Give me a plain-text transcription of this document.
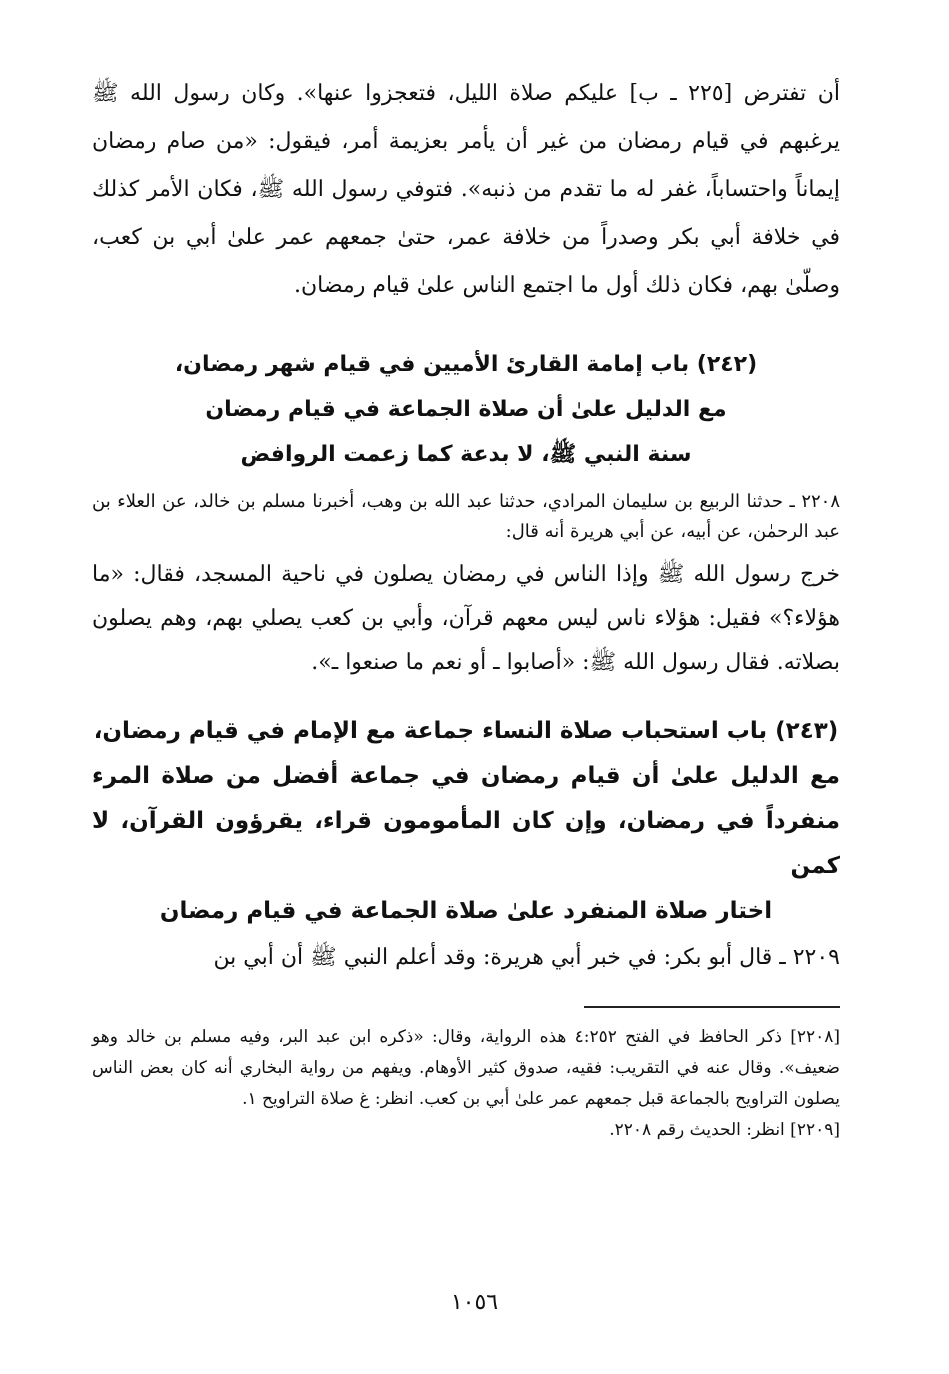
أن تفترض [٢٢٥ ـ ب] عليكم صلاة الليل، فتعجزوا عنها». وكان رسول الله ﷺ يرغبهم في قيام رمضان من غير أن يأمر بعزيمة أمر، فيقول: «من صام رمضان إيماناً واحتساباً، غفر له ما تقدم من ذنبه». فتوفي رسول الله ﷺ، فكان الأمر كذلك في خلافة أبي بكر وصدراً من خلافة عمر، حتىٰ جمعهم عمر علىٰ أبي بن كعب، وصلّىٰ بهم، فكان ذلك أول ما اجتمع الناس علىٰ قيام رمضان.

(٢٤٢) باب إمامة القارئ الأميين في قيام شهر رمضان،

مع الدليل علىٰ أن صلاة الجماعة في قيام رمضان

سنة النبي ﷺ، لا بدعة كما زعمت الروافض

٢٢٠٨ ـ حدثنا الربيع بن سليمان المرادي، حدثنا عبد الله بن وهب، أخبرنا مسلم بن خالد، عن العلاء بن عبد الرحمٰن، عن أبيه، عن أبي هريرة أنه قال:

خرج رسول الله ﷺ وإذا الناس في رمضان يصلون في ناحية المسجد، فقال: «ما هؤلاء؟» فقيل: هؤلاء ناس ليس معهم قرآن، وأبي بن كعب يصلي بهم، وهم يصلون بصلاته. فقال رسول الله ﷺ: «أصابوا ـ أو نعم ما صنعوا ـ».

(٢٤٣) باب استحباب صلاة النساء جماعة مع الإمام في قيام رمضان،

مع الدليل علىٰ أن قيام رمضان في جماعة أفضل من صلاة المرء منفرداً في رمضان، وإن كان المأمومون قراء، يقرؤون القرآن، لا كمن

اختار صلاة المنفرد علىٰ صلاة الجماعة في قيام رمضان

٢٢٠٩ ـ قال أبو بكر: في خبر أبي هريرة: وقد أعلم النبي ﷺ أن أبي بن

[٢٢٠٨] ذكر الحافظ في الفتح ٤:٢٥٢ هذه الرواية، وقال: «ذكره ابن عبد البر، وفيه مسلم بن خالد وهو ضعيف». وقال عنه في التقريب: فقيه، صدوق كثير الأوهام. ويفهم من رواية البخاري أنه كان بعض الناس يصلون التراويح بالجماعة قبل جمعهم عمر علىٰ أبي بن كعب. انظر: غ صلاة التراويح ١.

[٢٢٠٩] انظر: الحديث رقم ٢٢٠٨.

١٠٥٦
